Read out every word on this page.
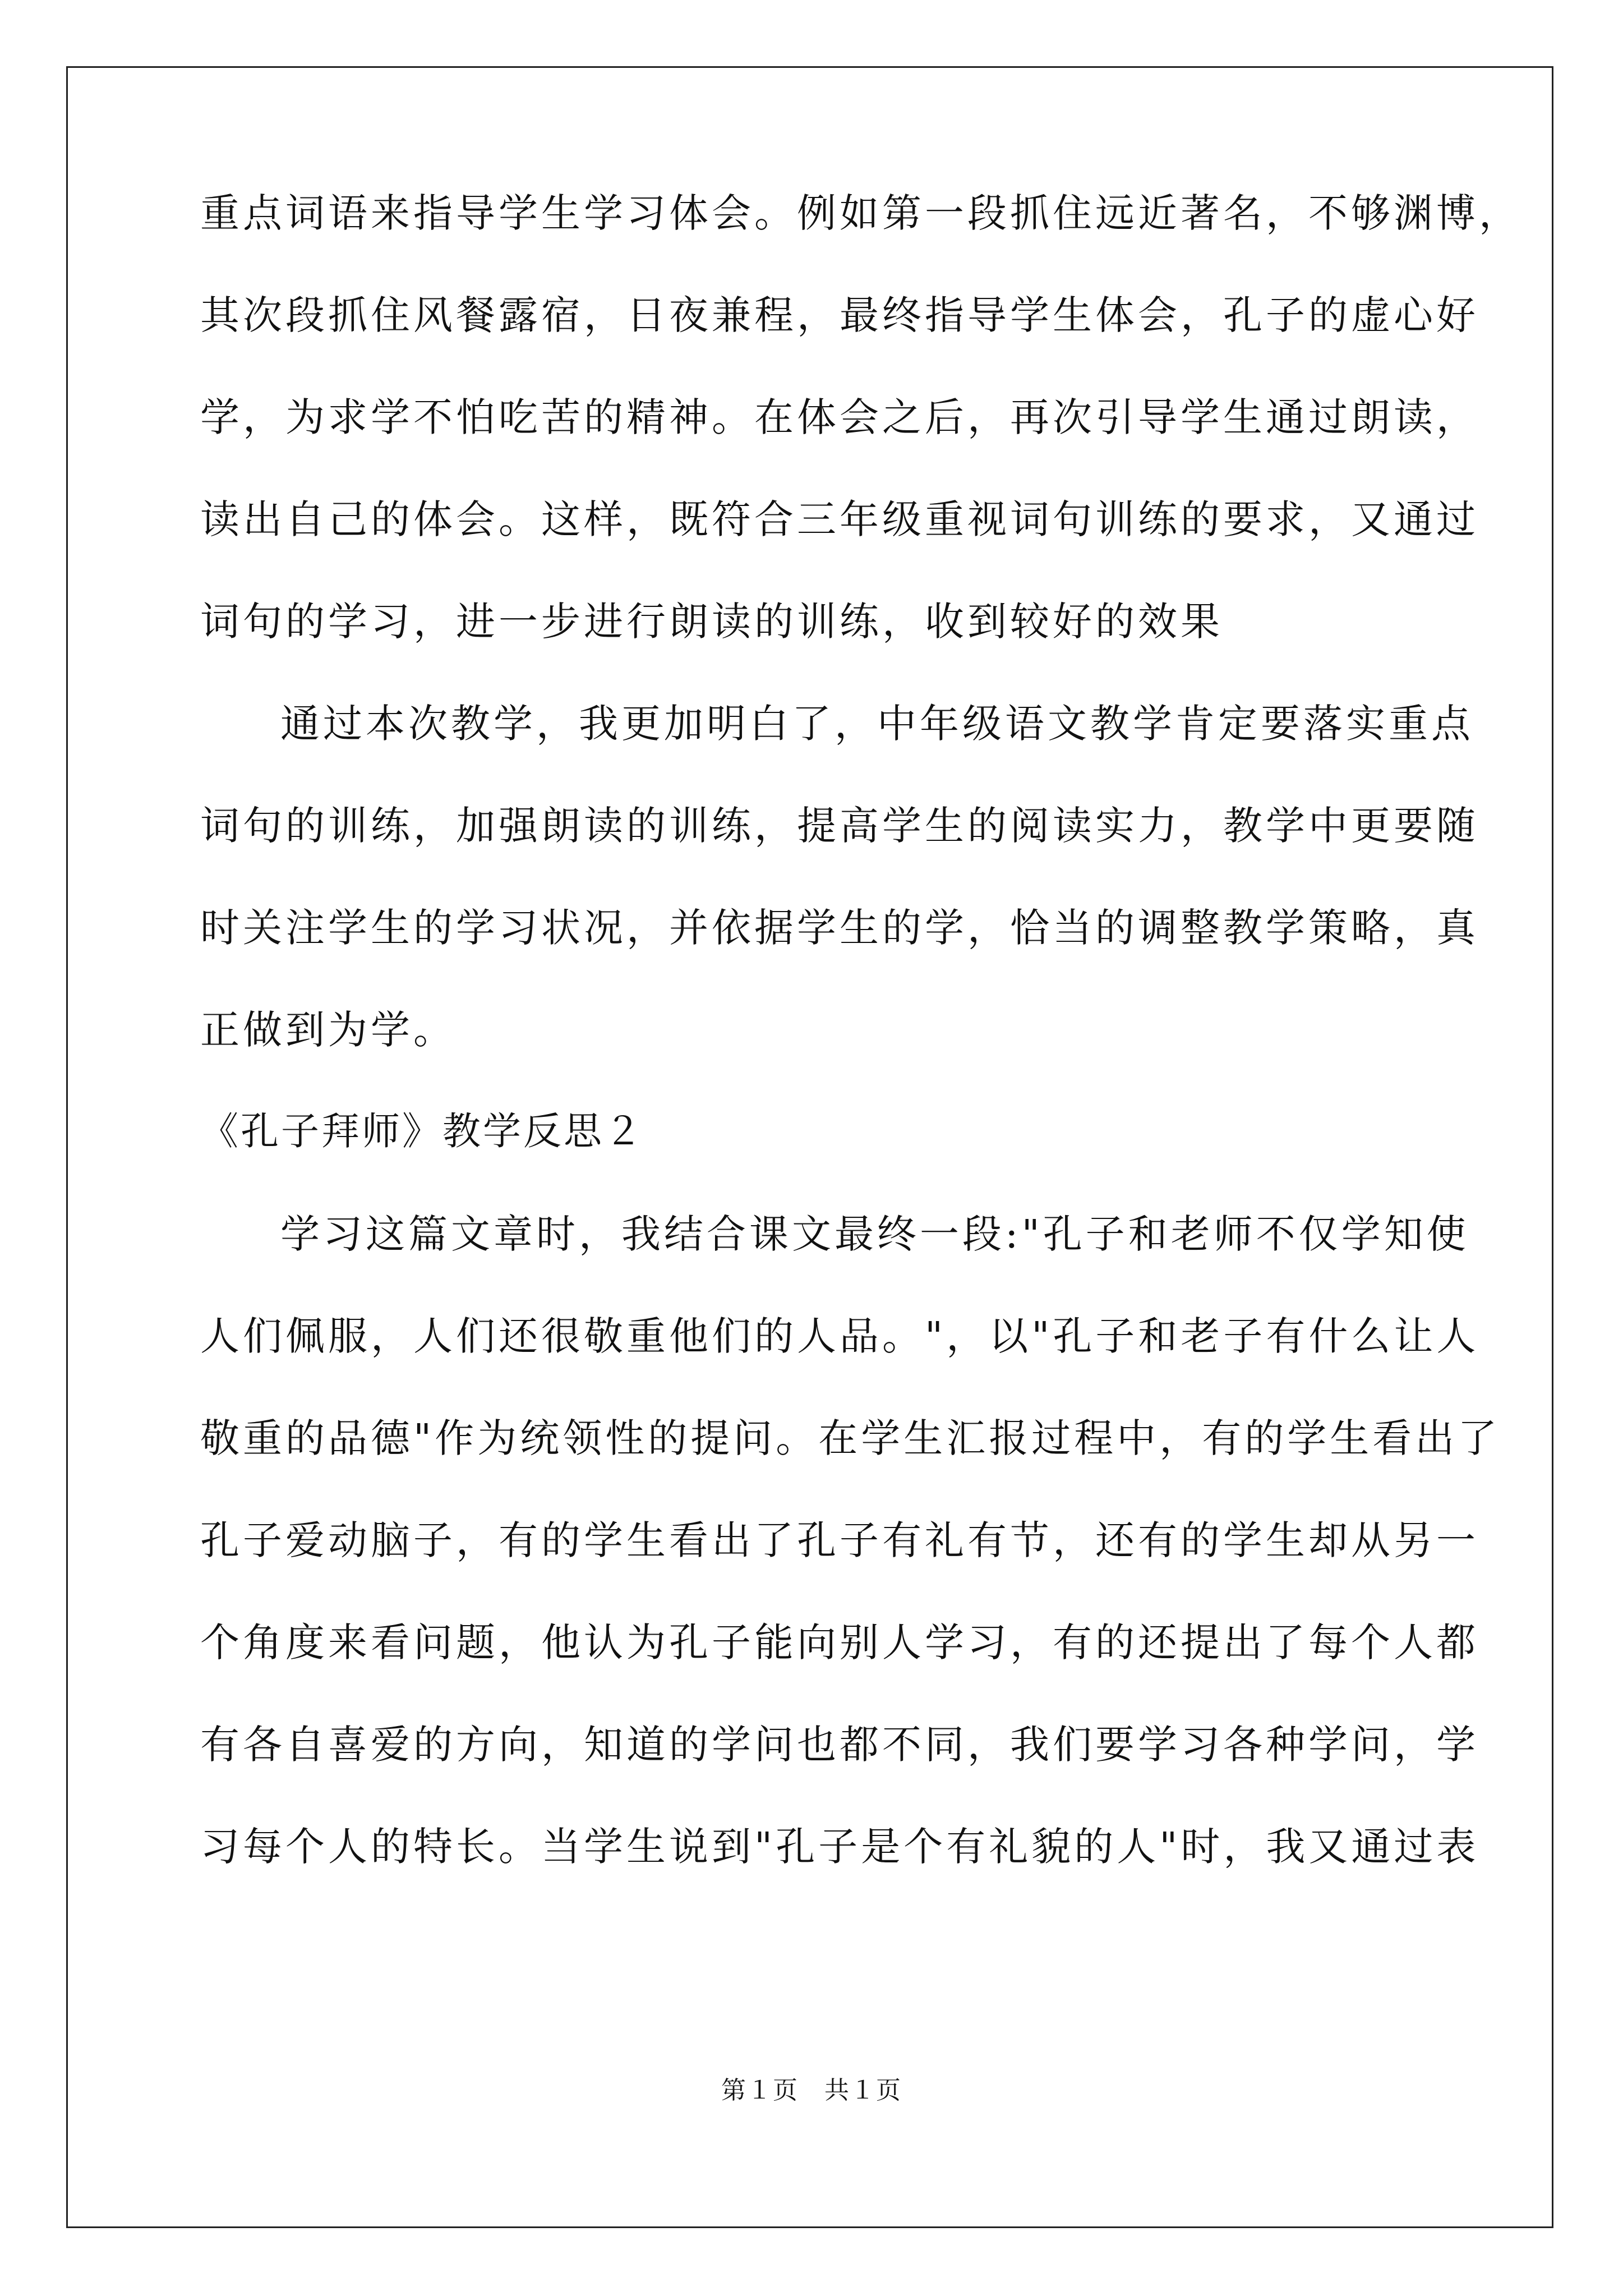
重点词语来指导学生学习体会。例如第一段抓住远近著名，不够渊博，
其次段抓住风餐露宿，日夜兼程，最终指导学生体会，孔子的虚心好
学，为求学不怕吃苦的精神。在体会之后，再次引导学生通过朗读，
读出自己的体会。这样，既符合三年级重视词句训练的要求，又通过
词句的学习，进一步进行朗读的训练，收到较好的效果
通过本次教学，我更加明白了，中年级语文教学肯定要落实重点
词句的训练，加强朗读的训练，提高学生的阅读实力，教学中更要随
时关注学生的学习状况，并依据学生的学，恰当的调整教学策略，真
正做到为学。
《孔子拜师》教学反思２
学习这篇文章时，我结合课文最终一段:"孔子和老师不仅学知使
人们佩服，人们还很敬重他们的人品。"，以"孔子和老子有什么让人
敬重的品德"作为统领性的提问。在学生汇报过程中，有的学生看出了
孔子爱动脑子，有的学生看出了孔子有礼有节，还有的学生却从另一
个角度来看问题，他认为孔子能向别人学习，有的还提出了每个人都
有各自喜爱的方向，知道的学问也都不同，我们要学习各种学问，学
习每个人的特长。当学生说到"孔子是个有礼貌的人"时，我又通过表
第１页　共１页
